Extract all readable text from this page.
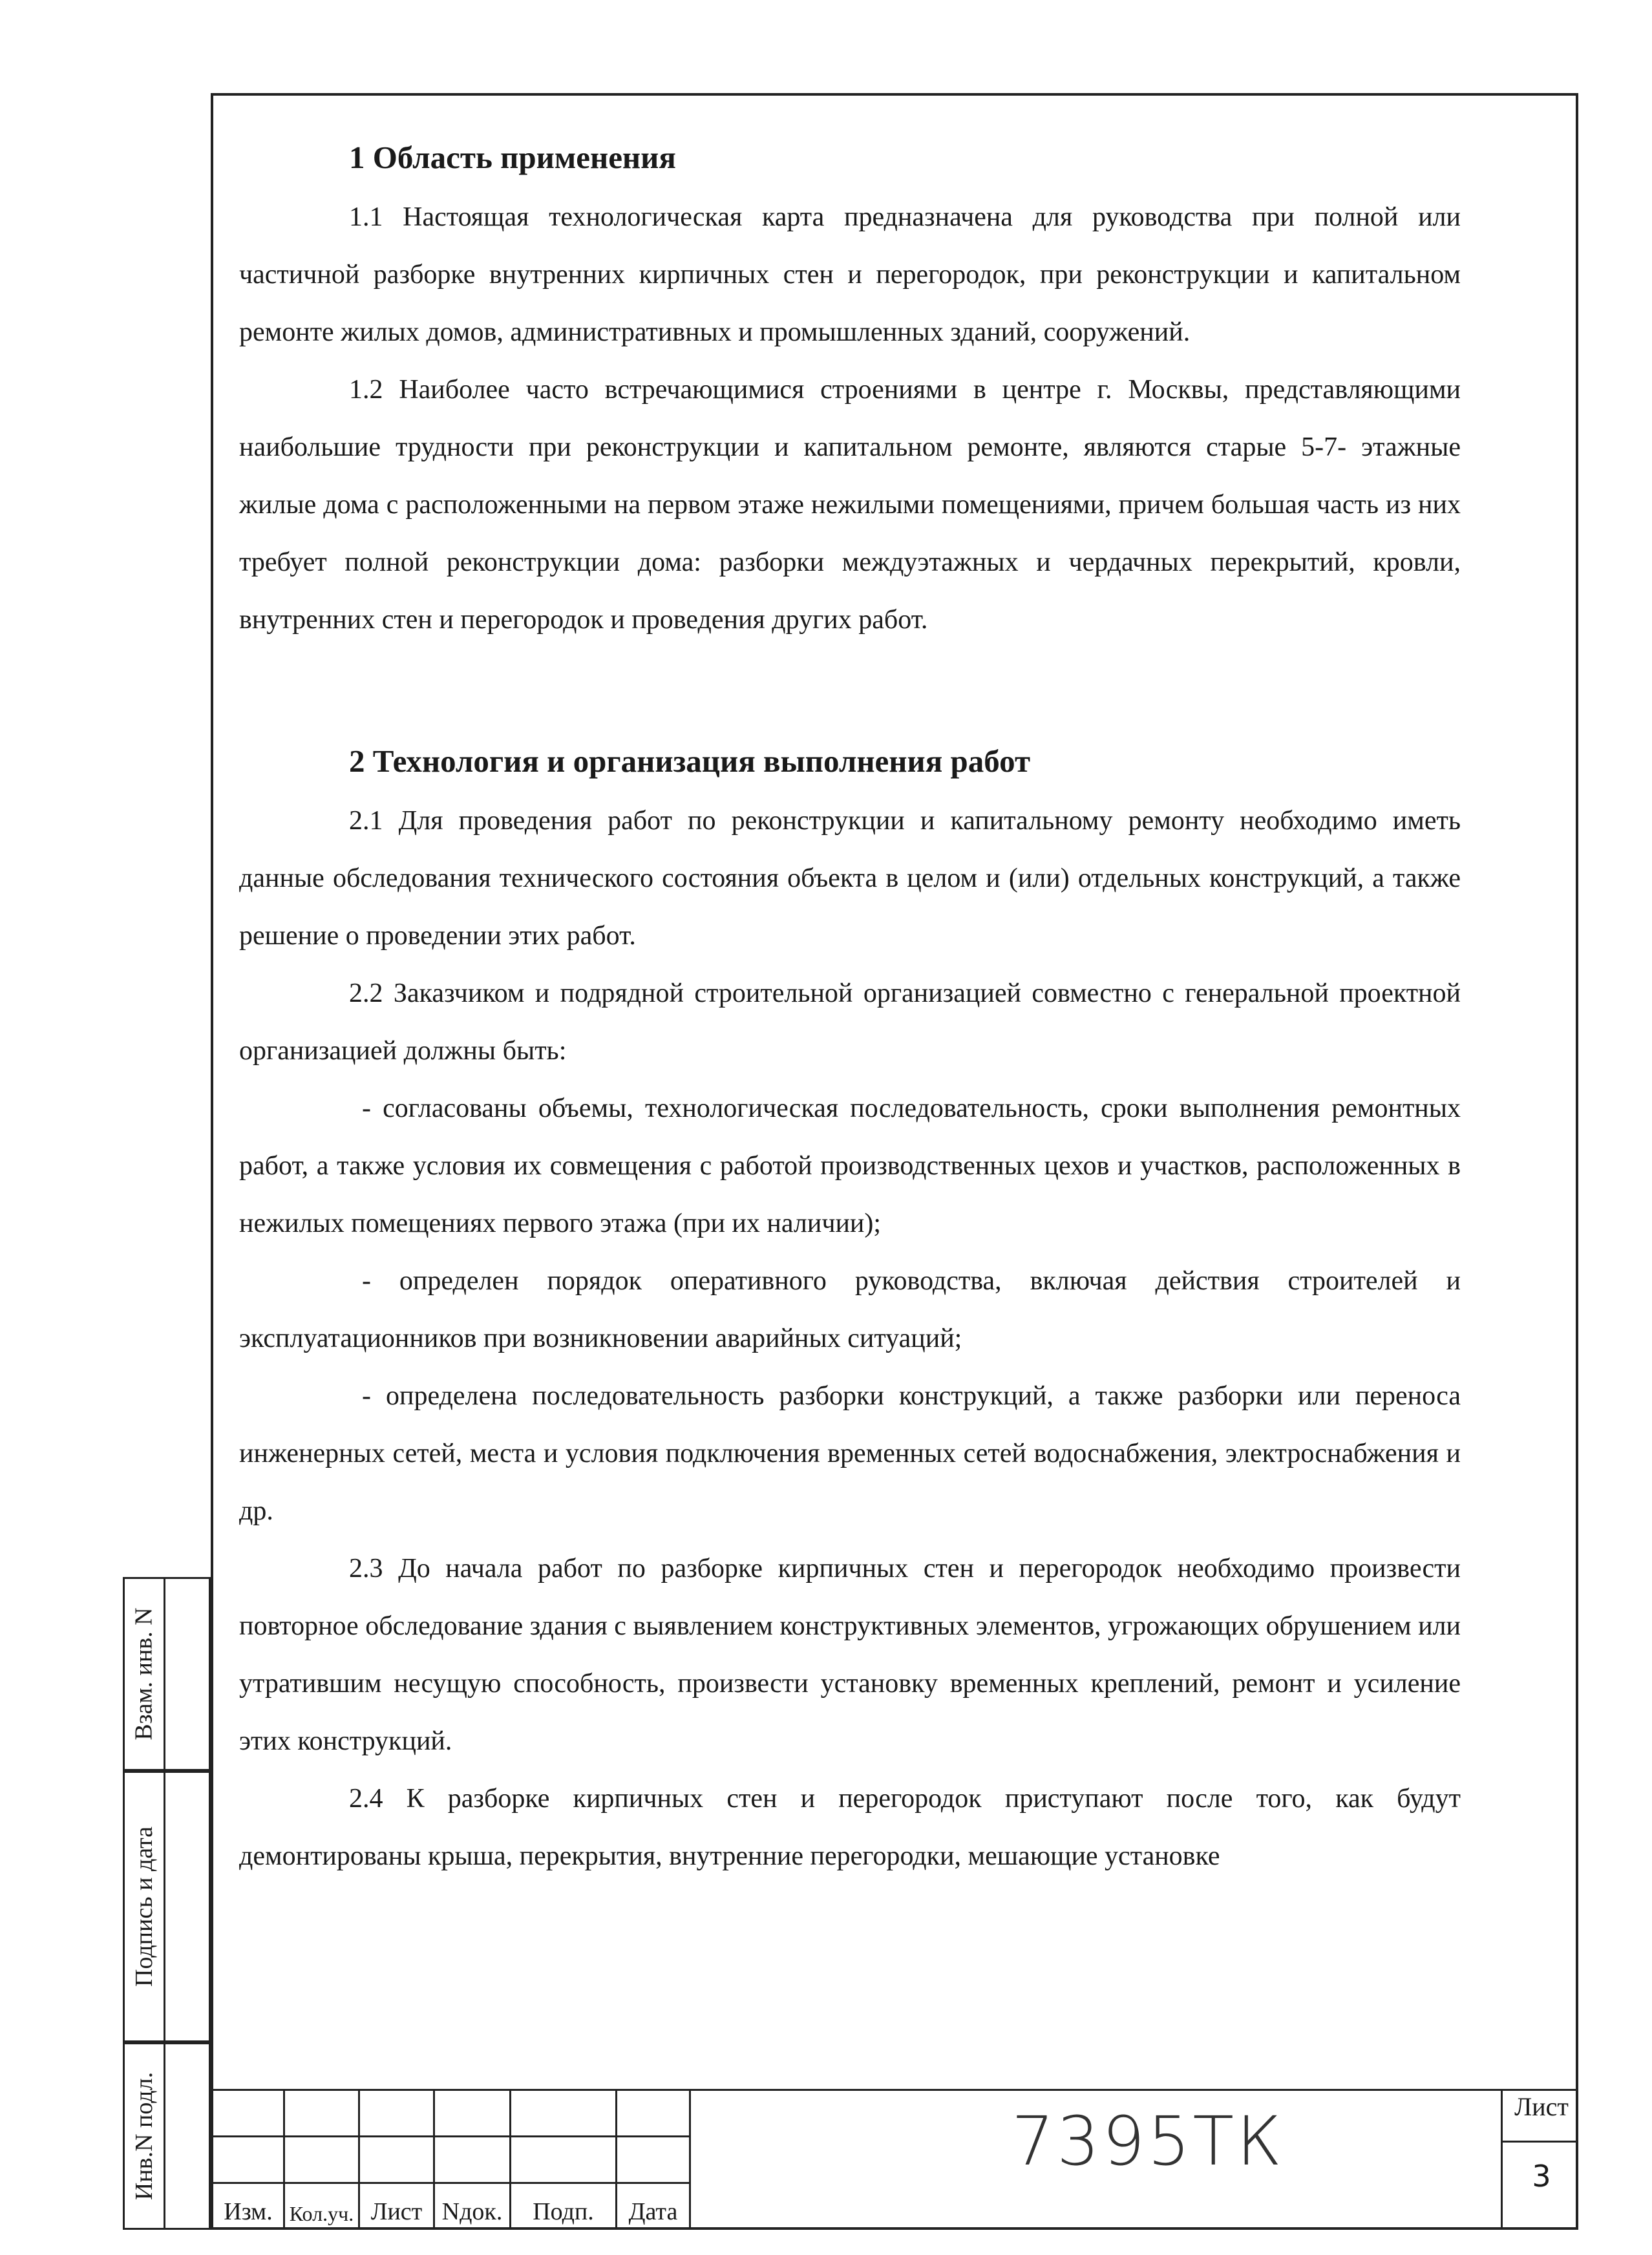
1 Область применения

1.1 Настоящая технологическая карта предназначена для руководства при полной или частичной разборке внутренних кирпичных стен и перегородок, при реконструкции и капитальном ремонте жилых домов, административных и промышленных зданий, сооружений.

1.2 Наиболее часто встречающимися строениями в центре г. Москвы, представляющими наибольшие трудности при реконструкции и капитальном ремонте, являются старые 5-7- этажные жилые дома с расположенными на первом этаже нежилыми помещениями, причем большая часть из них требует полной реконструкции дома: разборки междуэтажных и чердачных перекрытий, кровли, внутренних стен и перегородок и проведения других работ.

2 Технология и организация выполнения работ

2.1 Для проведения работ по реконструкции и капитальному ремонту необходимо иметь данные обследования технического состояния объекта в целом и (или) отдельных конструкций, а также решение о проведении этих работ.

2.2 Заказчиком и подрядной строительной организацией совместно с генеральной проектной организацией должны быть:

- согласованы объемы, технологическая последовательность, сроки выполнения ремонтных работ, а также условия их совмещения с работой производственных цехов и участков, расположенных в нежилых помещениях первого этажа (при их наличии);

- определен порядок оперативного руководства, включая действия строителей и эксплуатационников при возникновении аварийных ситуаций;

- определена последовательность разборки конструкций, а также разборки или переноса инженерных сетей, места и условия подключения временных сетей водоснабжения, электроснабжения и др.

2.3 До начала работ по разборке кирпичных стен и перегородок необходимо произвести повторное обследование здания с выявлением конструктивных элементов, угрожающих обрушением или утратившим несущую способность, произвести установку временных креплений, ремонт и усиление этих конструкций.

2.4 К разборке кирпичных стен и перегородок приступают после того, как будут демонтированы крыша, перекрытия, внутренние перегородки, мешающие установке

Взам. инв. N
Подпись и дата
Инв.N подл.
Изм. Кол.уч. Лист Nдок.	Подп.	Дата
7395ТК	Лист
3
